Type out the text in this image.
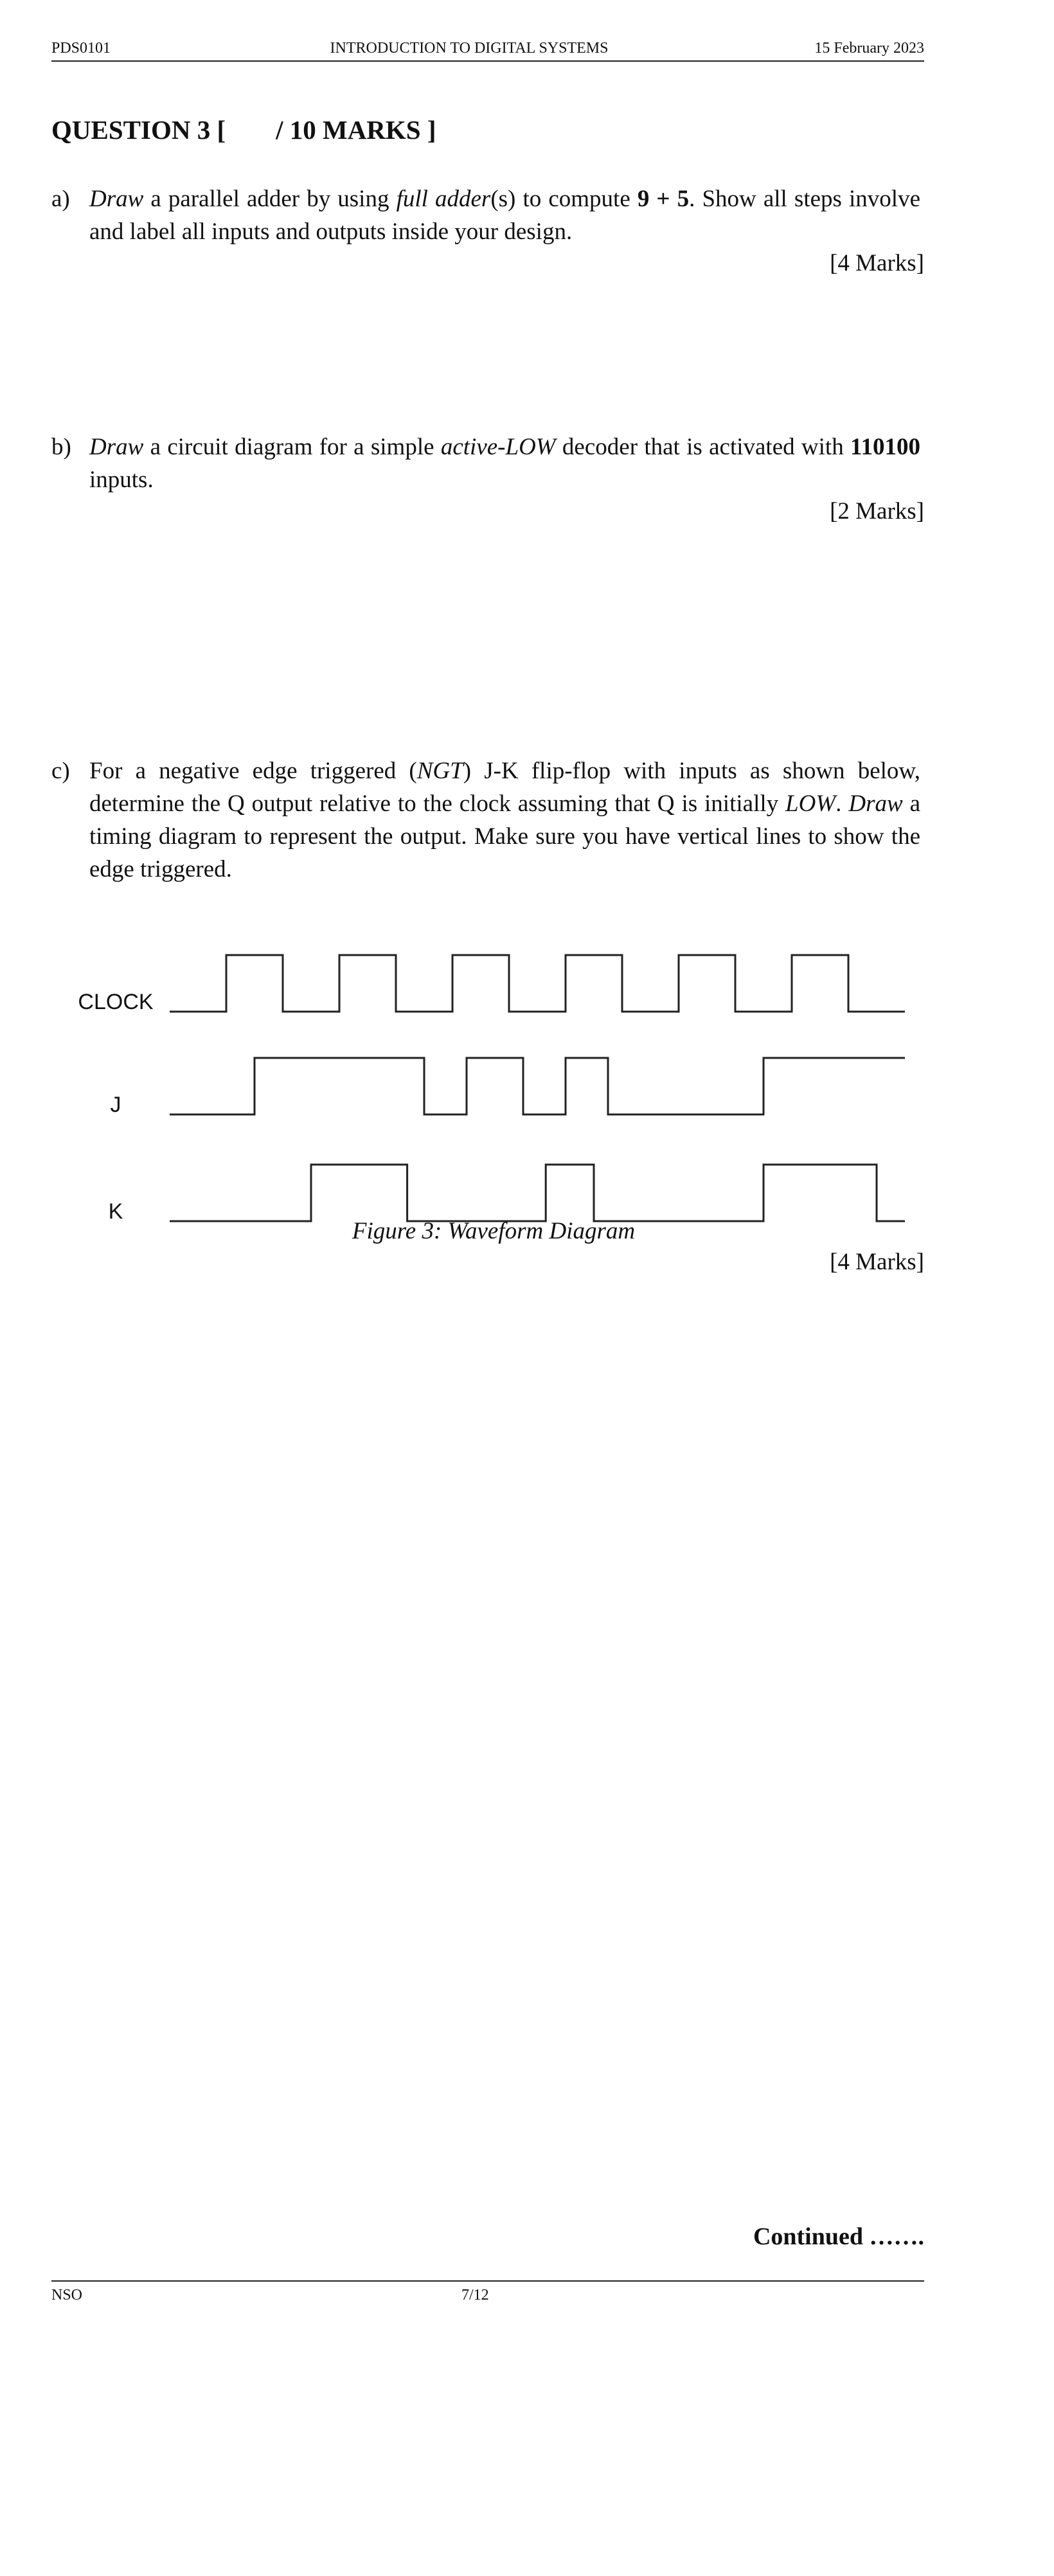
PDS0101	INTRODUCTION TO DIGITAL SYSTEMS	15 February 2023
QUESTION 3 [ / 10 MARKS ]
a) Draw a parallel adder by using full adder(s) to compute 9 + 5. Show all steps involve and label all inputs and outputs inside your design.
[4 Marks]
b) Draw a circuit diagram for a simple active-LOW decoder that is activated with 110100 inputs.
[2 Marks]
c) For a negative edge triggered (NGT) J-K flip-flop with inputs as shown below, determine the Q output relative to the clock assuming that Q is initially LOW. Draw a timing diagram to represent the output. Make sure you have vertical lines to show the edge triggered.
CLOCK
J
K
Figure 3: Waveform Diagram
[4 Marks]
Continued …….
NSO	7/12
